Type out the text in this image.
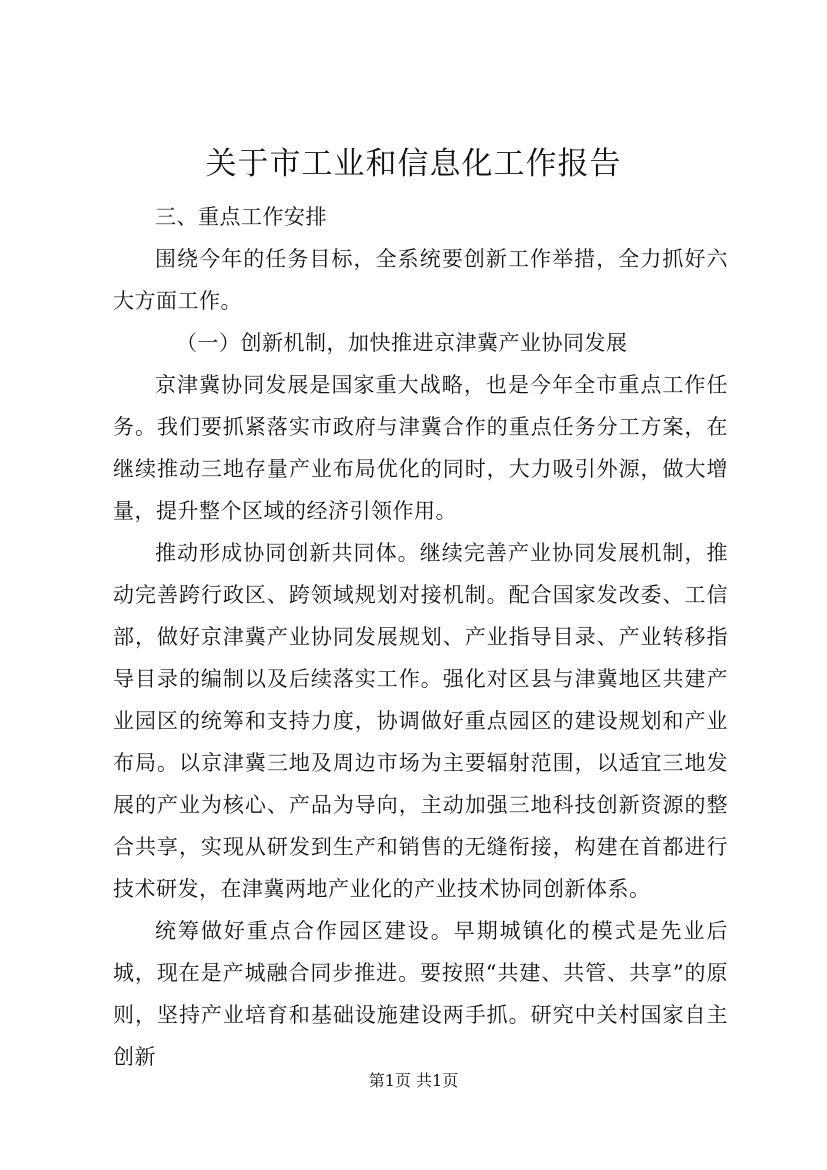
关于市工业和信息化工作报告

三、重点工作安排

围绕今年的任务目标，全系统要创新工作举措，全力抓好六大方面工作。

（一）创新机制，加快推进京津冀产业协同发展

京津冀协同发展是国家重大战略，也是今年全市重点工作任务。我们要抓紧落实市政府与津冀合作的重点任务分工方案，在继续推动三地存量产业布局优化的同时，大力吸引外源，做大增量，提升整个区域的经济引领作用。

推动形成协同创新共同体。继续完善产业协同发展机制，推动完善跨行政区、跨领域规划对接机制。配合国家发改委、工信部，做好京津冀产业协同发展规划、产业指导目录、产业转移指导目录的编制以及后续落实工作。强化对区县与津冀地区共建产业园区的统筹和支持力度，协调做好重点园区的建设规划和产业布局。以京津冀三地及周边市场为主要辐射范围，以适宜三地发展的产业为核心、产品为导向，主动加强三地科技创新资源的整合共享，实现从研发到生产和销售的无缝衔接，构建在首都进行技术研发，在津冀两地产业化的产业技术协同创新体系。

统筹做好重点合作园区建设。早期城镇化的模式是先业后城，现在是产城融合同步推进。要按照“共建、共管、共享”的原则，坚持产业培育和基础设施建设两手抓。研究中关村国家自主创新

第1页 共1页
